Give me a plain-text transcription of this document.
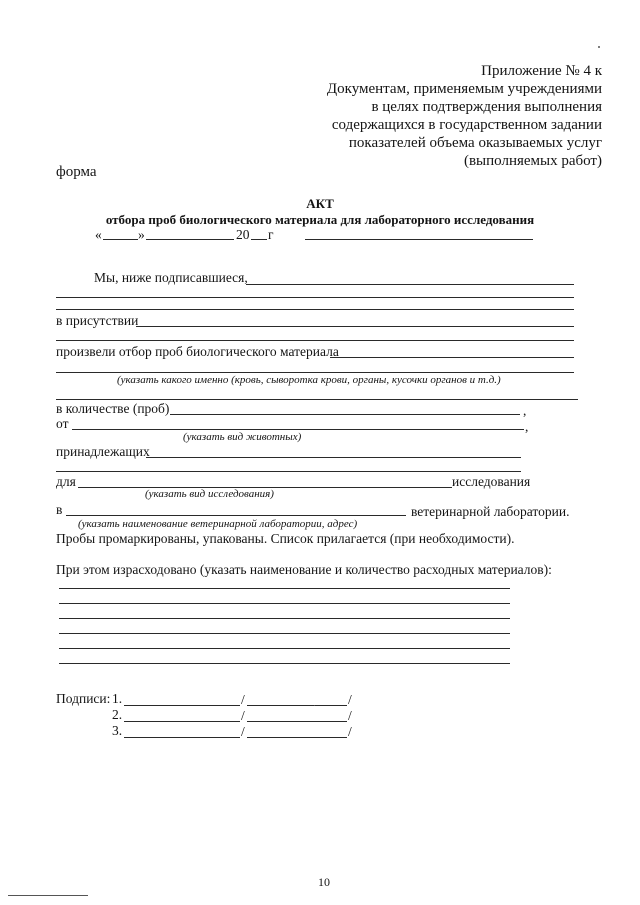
Приложение № 4 к
Документам, применяемым учреждениями
в целях подтверждения выполнения
содержащихся в государственном задании
показателей объема оказываемых услуг
(выполняемых работ)
форма
АКТ
отбора проб биологического материала для лабораторного исследования
«	»	20 г
Мы, ниже подписавшиеся,
в присутствии
произвели отбор проб биологического материала
(указать какого именно (кровь, сыворотка крови, органы, кусочки органов и т.д.)
в количестве (проб)	,
от	,
(указать вид животных)
принадлежащих
для	исследования
(указать вид исследования)
в	ветеринарной лаборатории.
(указать наименование ветеринарной лаборатории, адрес)
Пробы промаркированы, упакованы. Список прилагается (при необходимости).
При этом израсходовано (указать наименование и количество расходных материалов):
Подписи: 1.	/	/
2.	/	/
3.	/	/
10
